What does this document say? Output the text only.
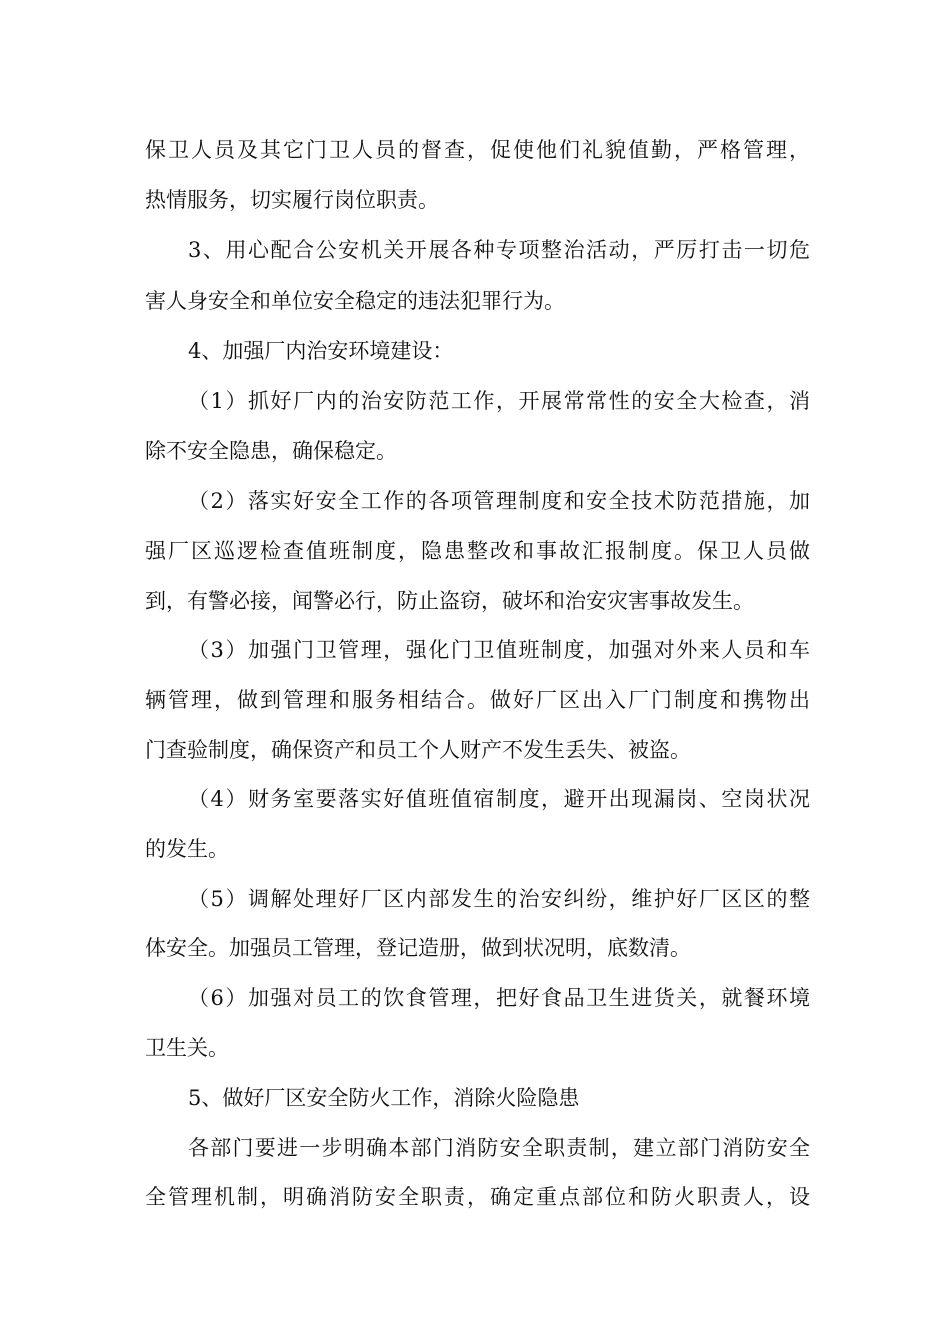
保卫人员及其它门卫人员的督查，促使他们礼貌值勤，严格管理，
热情服务，切实履行岗位职责。
3、用心配合公安机关开展各种专项整治活动，严厉打击一切危
害人身安全和单位安全稳定的违法犯罪行为。
4、加强厂内治安环境建设：
（1）抓好厂内的治安防范工作，开展常常性的安全大检查，消
除不安全隐患，确保稳定。
（2）落实好安全工作的各项管理制度和安全技术防范措施，加
强厂区巡逻检查值班制度，隐患整改和事故汇报制度。保卫人员做
到，有警必接，闻警必行，防止盗窃，破坏和治安灾害事故发生。
（3）加强门卫管理，强化门卫值班制度，加强对外来人员和车
辆管理，做到管理和服务相结合。做好厂区出入厂门制度和携物出
门查验制度，确保资产和员工个人财产不发生丢失、被盗。
（4）财务室要落实好值班值宿制度，避开出现漏岗、空岗状况
的发生。
（5）调解处理好厂区内部发生的治安纠纷，维护好厂区区的整
体安全。加强员工管理，登记造册，做到状况明，底数清。
（6）加强对员工的饮食管理，把好食品卫生进货关，就餐环境
卫生关。
5、做好厂区安全防火工作，消除火险隐患
各部门要进一步明确本部门消防安全职责制，建立部门消防安全
全管理机制，明确消防安全职责，确定重点部位和防火职责人，设
